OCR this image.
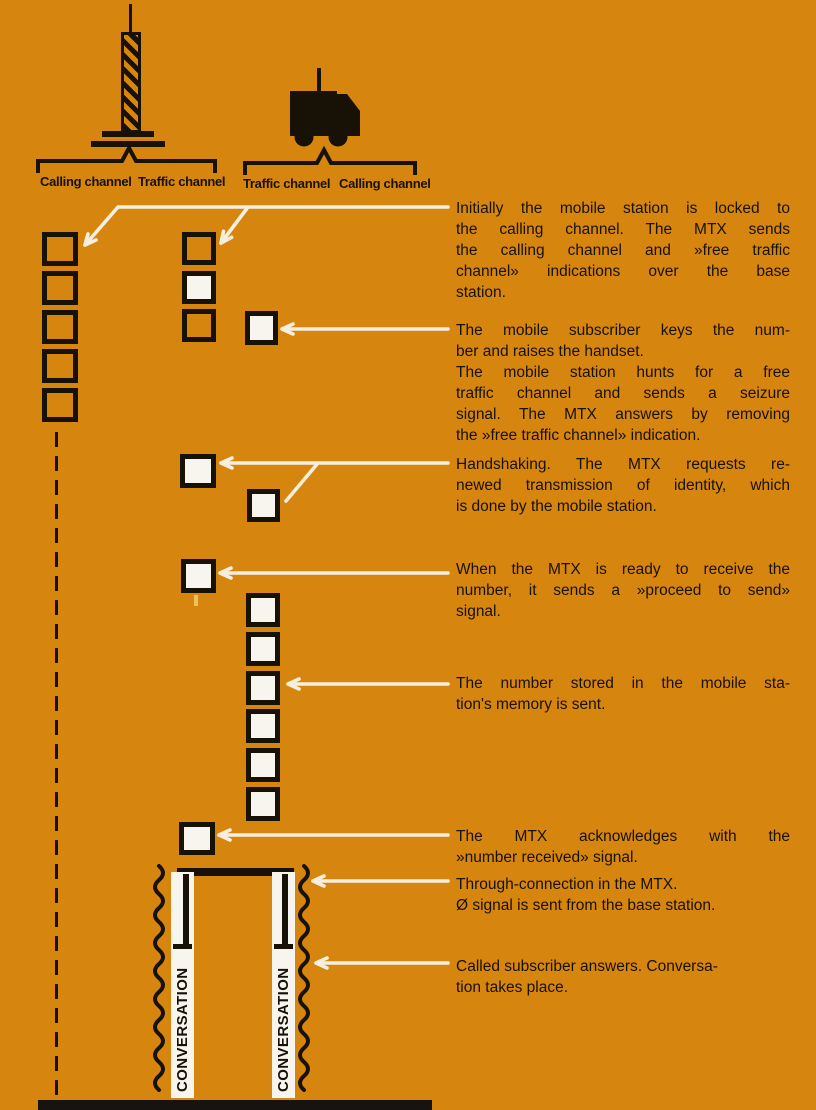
Calling channel Traffic channel Traffic channel Calling channel
CONVERSATION	CONVERSATION
Initially the mobile station is locked to
the calling channel. The MTX sends
the calling channel and »free traffic
channel» indications over the base
station.
The mobile subscriber keys the num-
ber and raises the handset.
The mobile station hunts for a free
traffic channel and sends a seizure
signal. The MTX answers by removing
the »free traffic channel» indication.
Handshaking. The MTX requests re-
newed transmission of identity, which
is done by the mobile station.
When the MTX is ready to receive the
number, it sends a »proceed to send»
signal.
The number stored in the mobile sta-
tion's memory is sent.
The MTX acknowledges with the
»number received» signal.
Through-connection in the MTX.
Ø signal is sent from the base station.
Called subscriber answers. Conversa-
tion takes place.
